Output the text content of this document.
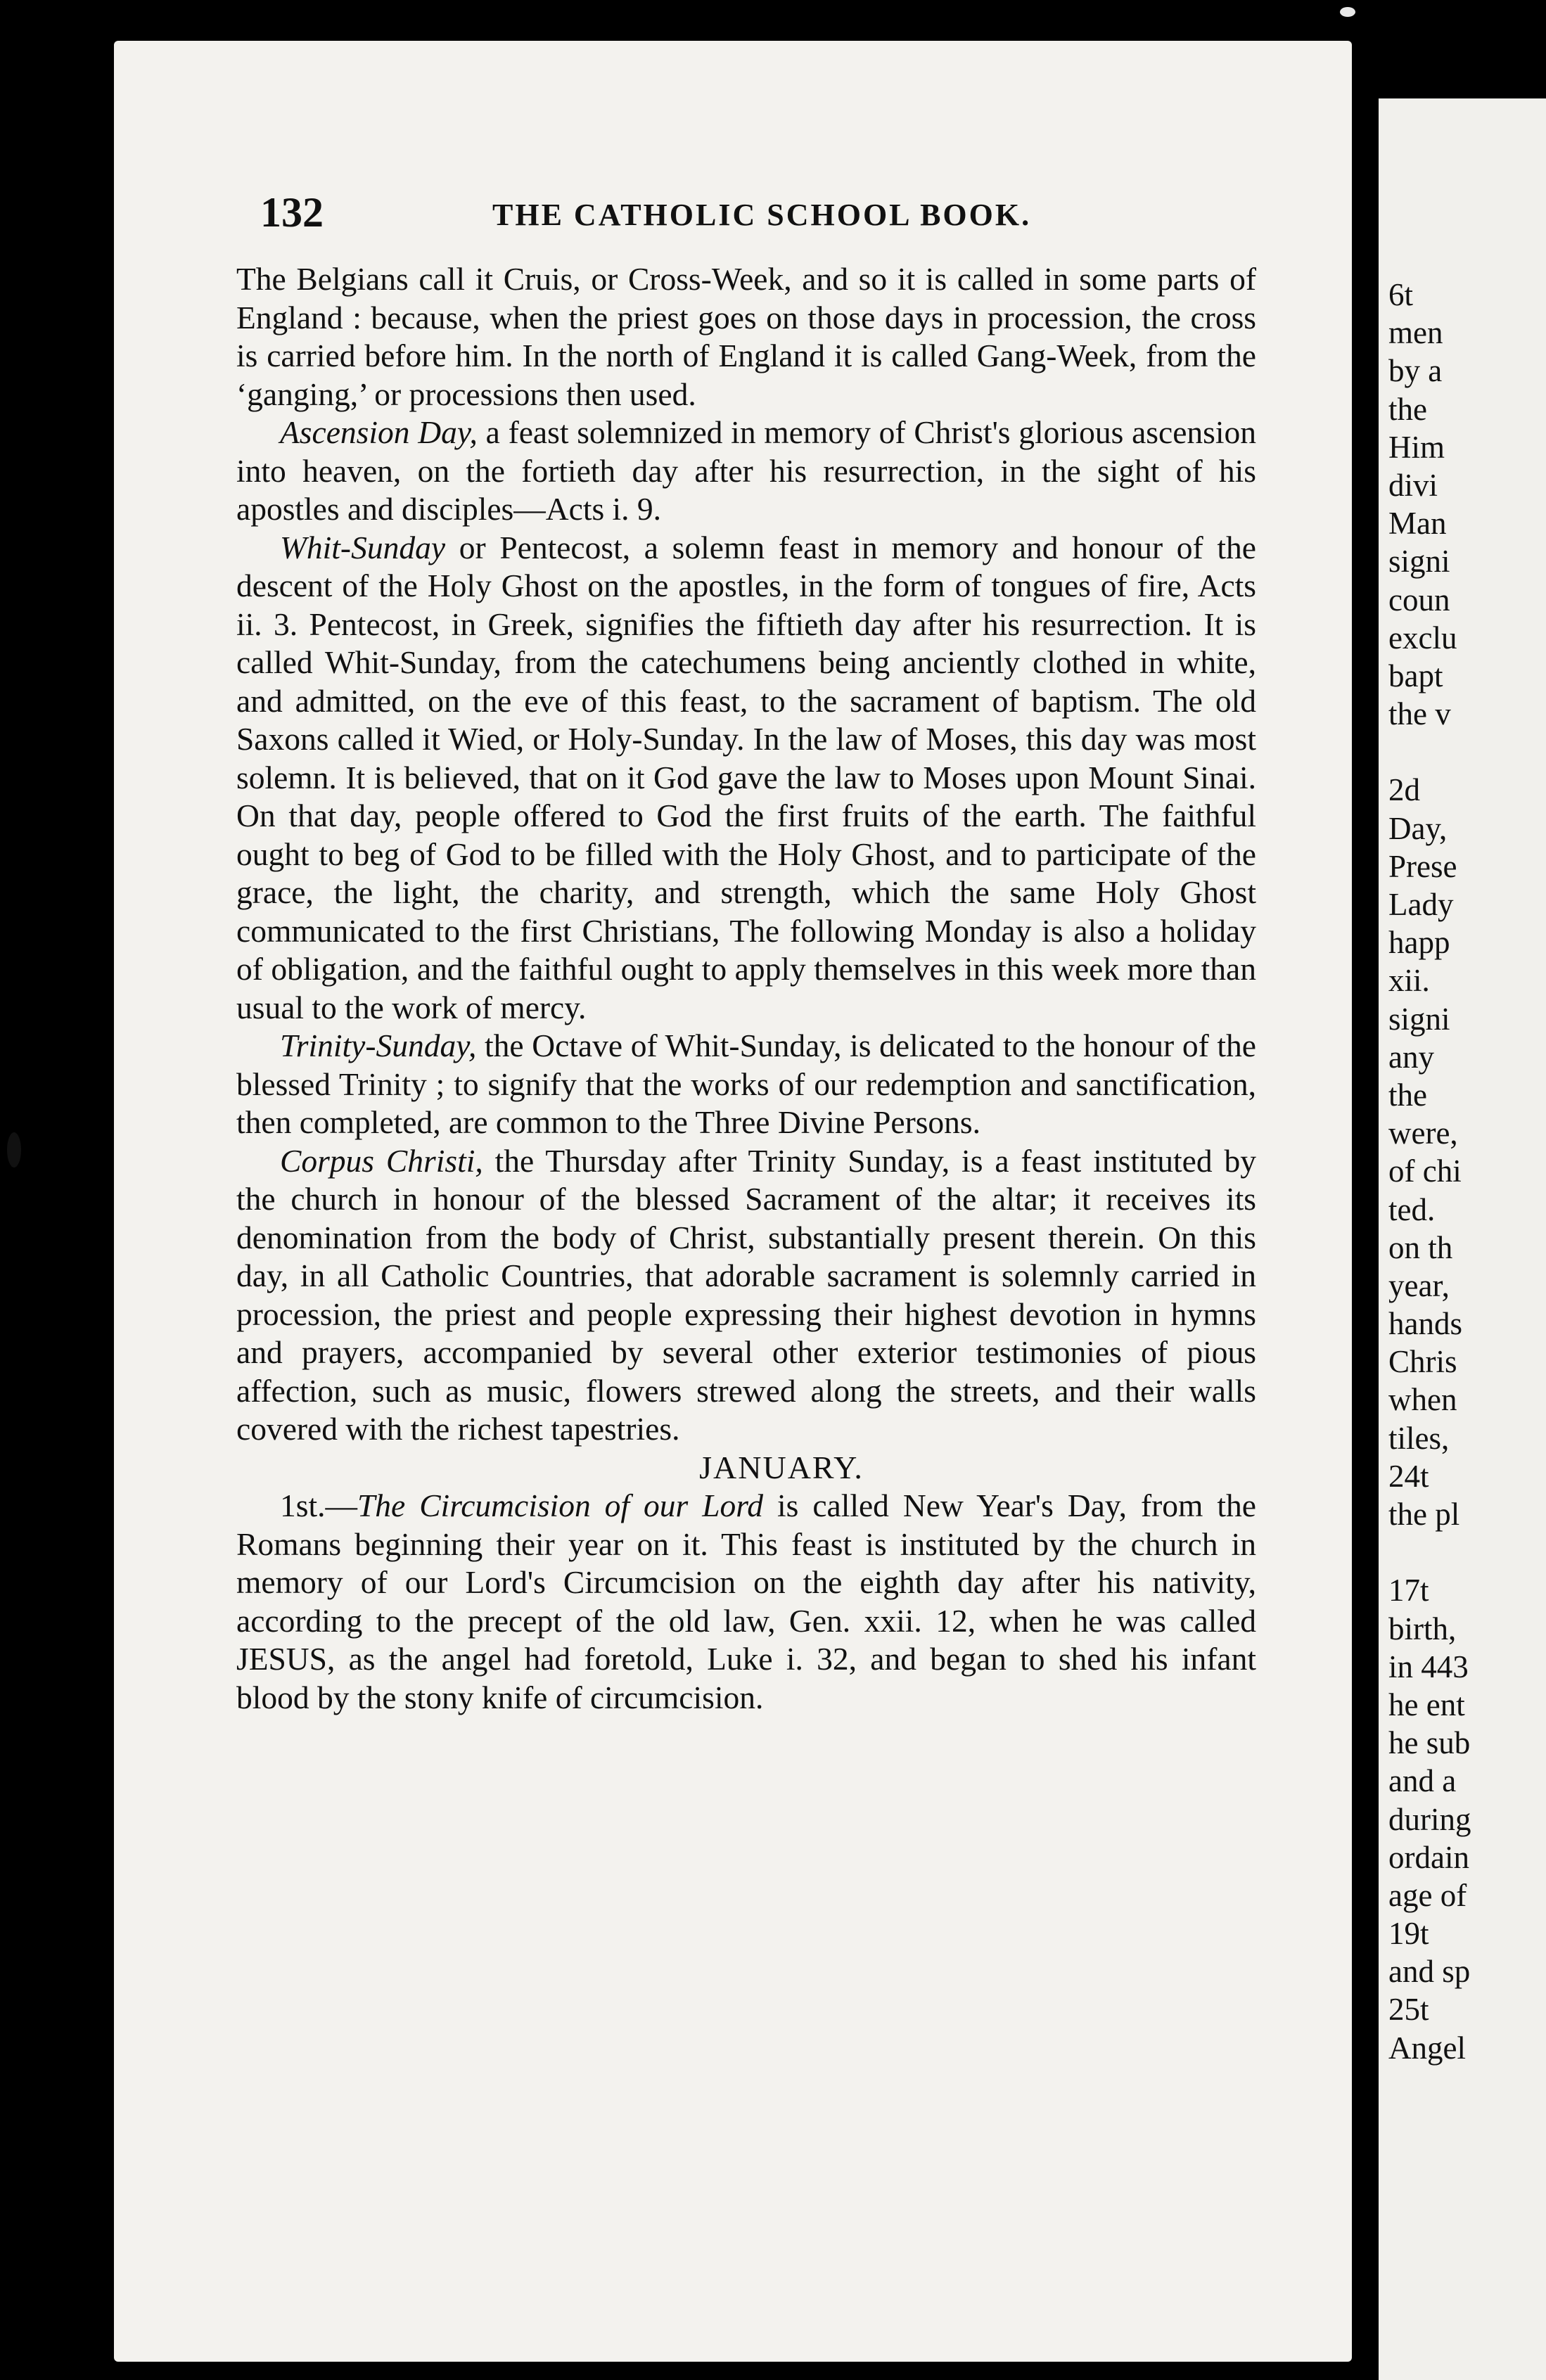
132	THE CATHOLIC SCHOOL BOOK.

The Belgians call it Cruis, or Cross-Week, and so it is called in some parts of England : because, when the priest goes on those days in procession, the cross is carried before him. In the north of England it is called Gang-Week, from the ‘ganging,’ or processions then used.

Ascension Day, a feast solemnized in memory of Christ's glorious ascension into heaven, on the fortieth day after his resurrection, in the sight of his apostles and disciples—Acts i. 9.

Whit-Sunday or Pentecost, a solemn feast in memory and honour of the descent of the Holy Ghost on the apostles, in the form of tongues of fire, Acts ii. 3. Pentecost, in Greek, signifies the fiftieth day after his resurrection. It is called Whit-Sunday, from the catechumens being anciently clothed in white, and admitted, on the eve of this feast, to the sacrament of baptism. The old Saxons called it Wied, or Holy-Sunday. In the law of Moses, this day was most solemn. It is believed, that on it God gave the law to Moses upon Mount Sinai. On that day, people offered to God the first fruits of the earth. The faithful ought to beg of God to be filled with the Holy Ghost, and to participate of the grace, the light, the charity, and strength, which the same Holy Ghost communicated to the first Christians, The following Monday is also a holiday of obligation, and the faithful ought to apply themselves in this week more than usual to the work of mercy.

Trinity-Sunday, the Octave of Whit-Sunday, is delicated to the honour of the blessed Trinity ; to signify that the works of our redemption and sanctification, then completed, are common to the Three Divine Persons.

Corpus Christi, the Thursday after Trinity Sunday, is a feast instituted by the church in honour of the blessed Sacrament of the altar; it receives its denomination from the body of Christ, substantially present therein. On this day, in all Catholic Countries, that adorable sacrament is solemnly carried in procession, the priest and people expressing their highest devotion in hymns and prayers, accompanied by several other exterior testimonies of pious affection, such as music, flowers strewed along the streets, and their walls covered with the richest tapestries.

JANUARY.

1st.—The Circumcision of our Lord is called New Year's Day, from the Romans beginning their year on it. This feast is instituted by the church in memory of our Lord's Circumcision on the eighth day after his nativity, according to the precept of the old law, Gen. xxii. 12, when he was called JESUS, as the angel had foretold, Luke i. 32, and began to shed his infant blood by the stony knife of circumcision.

6t
men
by a
the
Him
divi
Man
signi
coun
exclu
bapt
the v
2d
Day,
Prese
Lady
happ
xii.
signi
any
the
were,
of chi
ted.
on th
year,
hands
Chris
when
tiles,
24t
the pl
17t
birth,
in 443
he ent
he sub
and a
during
ordain
age of
19t
and sp
25t
Angel
